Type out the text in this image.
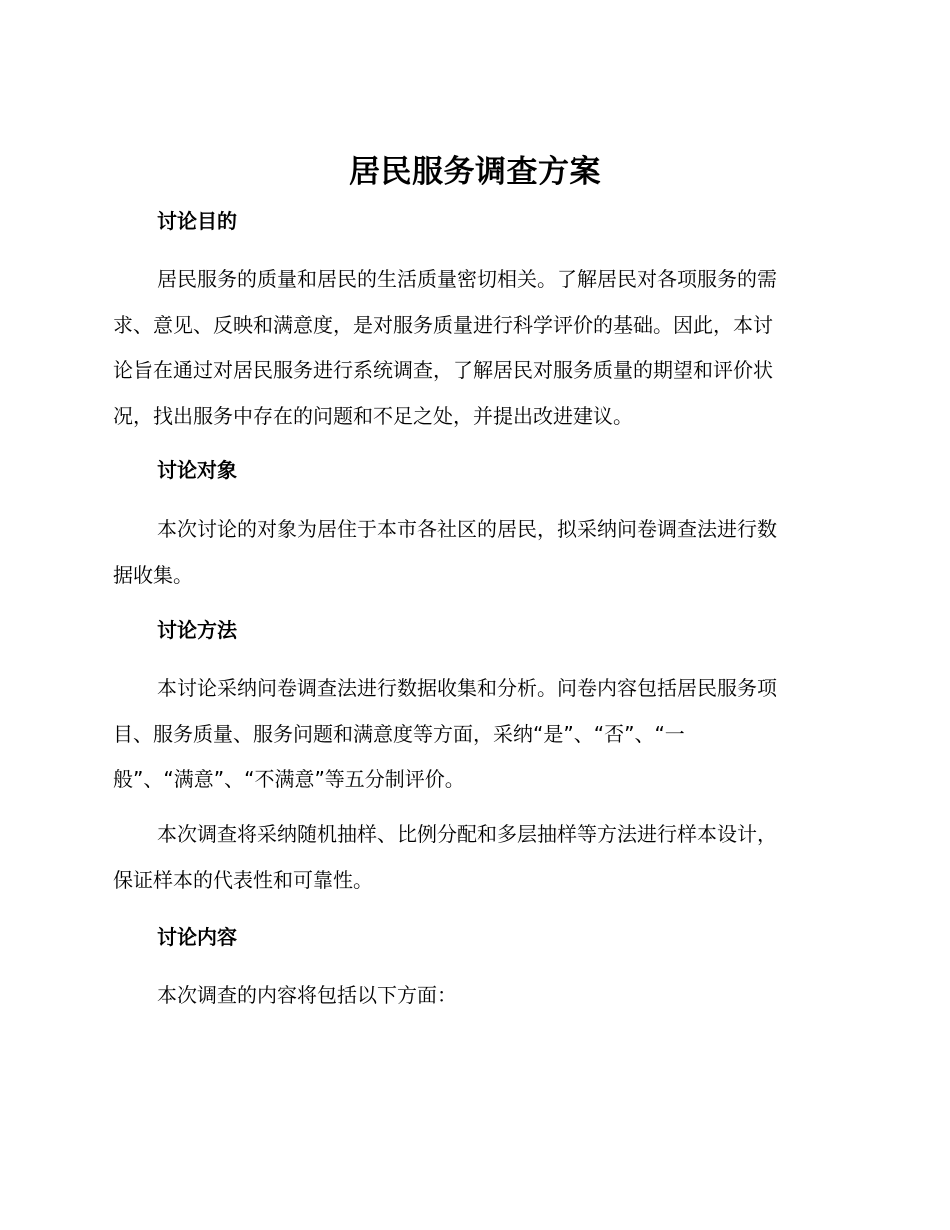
居民服务调查方案
讨论目的
居民服务的质量和居民的生活质量密切相关。了解居民对各项服务的需
求、意见、反映和满意度，是对服务质量进行科学评价的基础。因此，本讨
论旨在通过对居民服务进行系统调查，了解居民对服务质量的期望和评价状
况，找出服务中存在的问题和不足之处，并提出改进建议。
讨论对象
本次讨论的对象为居住于本市各社区的居民，拟采纳问卷调查法进行数
据收集。
讨论方法
本讨论采纳问卷调查法进行数据收集和分析。问卷内容包括居民服务项
目、服务质量、服务问题和满意度等方面，采纳“是”、“否”、“一
般”、“满意”、“不满意”等五分制评价。
本次调查将采纳随机抽样、比例分配和多层抽样等方法进行样本设计，
保证样本的代表性和可靠性。
讨论内容
本次调查的内容将包括以下方面：
